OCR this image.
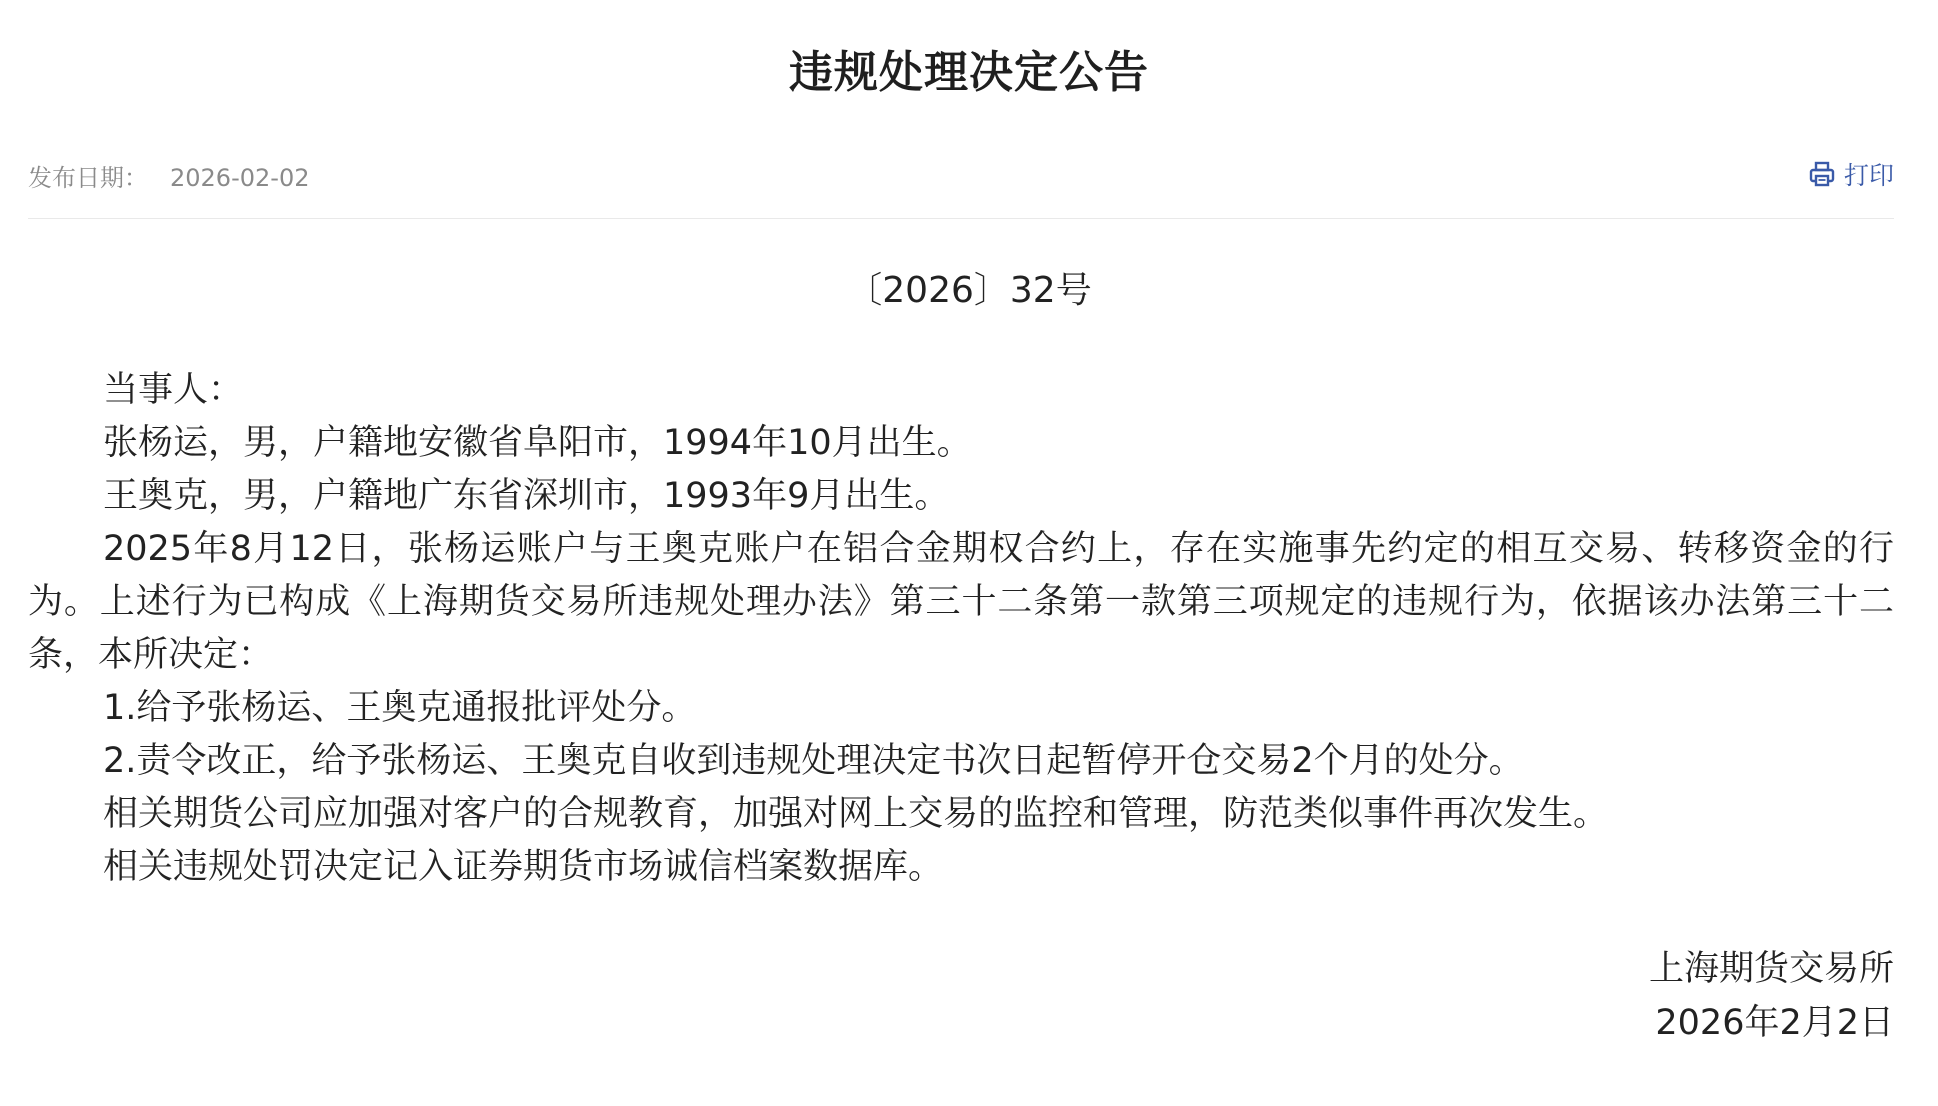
违规处理决定公告
发布日期： 2026-02-02	打印
〔2026〕32号

当事人：

张杨运，男，户籍地安徽省阜阳市，1994年10月出生。

王奥克，男，户籍地广东省深圳市，1993年9月出生。

2025年8月12日，张杨运账户与王奥克账户在铝合金期权合约上，存在实施事先约定的相互交易、转移资金的行为。上述行为已构成《上海期货交易所违规处理办法》第三十二条第一款第三项规定的违规行为，依据该办法第三十二条，本所决定：

1.给予张杨运、王奥克通报批评处分。

2.责令改正，给予张杨运、王奥克自收到违规处理决定书次日起暂停开仓交易2个月的处分。

相关期货公司应加强对客户的合规教育，加强对网上交易的监控和管理，防范类似事件再次发生。

相关违规处罚决定记入证券期货市场诚信档案数据库。

上海期货交易所
2026年2月2日
